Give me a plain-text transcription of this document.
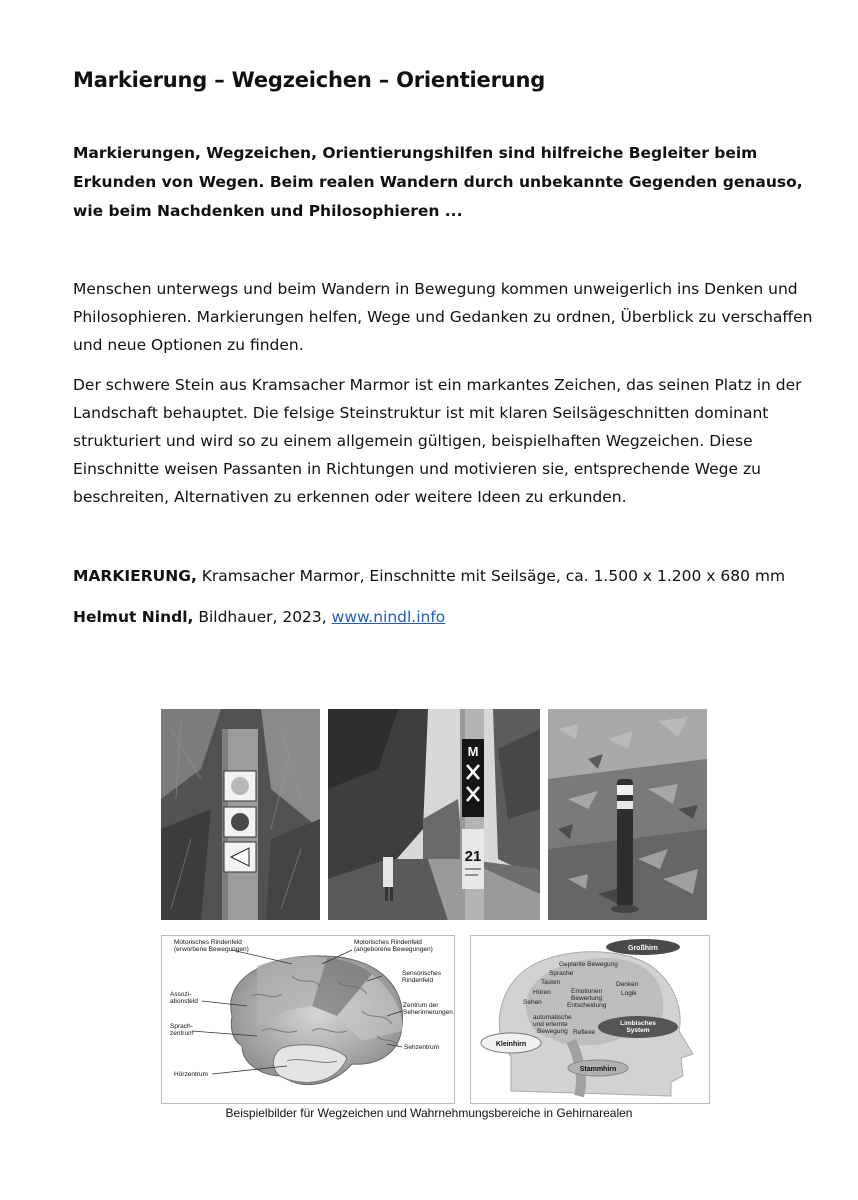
Markierung – Wegzeichen – Orientierung
Markierungen, Wegzeichen, Orientierungshilfen sind hilfreiche Begleiter beim Erkunden von Wegen. Beim realen Wandern durch unbekannte Gegenden genauso, wie beim Nachdenken und Philosophieren ...
Menschen unterwegs und beim Wandern in Bewegung kommen unweigerlich ins Denken und Philosophieren. Markierungen helfen, Wege und Gedanken zu ordnen, Überblick zu verschaffen und neue Optionen zu finden.
Der schwere Stein aus Kramsacher Marmor ist ein markantes Zeichen, das seinen Platz in der Landschaft behauptet. Die felsige Steinstruktur ist mit klaren Seilsägeschnitten dominant strukturiert und wird so zu einem allgemein gültigen, beispielhaften Wegzeichen. Diese Einschnitte weisen Passanten in Richtungen und motivieren sie, entsprechende Wege zu beschreiten, Alternativen zu erkennen oder weitere Ideen zu erkunden.
MARKIERUNG, Kramsacher Marmor, Einschnitte mit Seilsäge, ca. 1.500 x 1.200 x 680 mm
Helmut Nindl, Bildhauer, 2023, www.nindl.info
M
21
Motorisches Rindenfeld
(erworbene Bewegungen)
Motorisches Rindenfeld
(angeborene Bewegungen)
Sensorisches
Rindenfeld
Assozi-
ationsfeld
Zentrum der
Seherinnerungen
Sprach-
zentrum
Sehzentrum
Hörzentrum
Großhirn
Limbisches
System
Kleinhirn
Stammhirn
Geplante Bewegung
Sprache
Tasten
Hören
Sehen
Denken
Logik
Emotionen
Bewertung
Entscheidung
automatische
und erlernte
Bewegung Reflexe
Beispielbilder für Wegzeichen und Wahrnehmungsbereiche in Gehirnarealen
